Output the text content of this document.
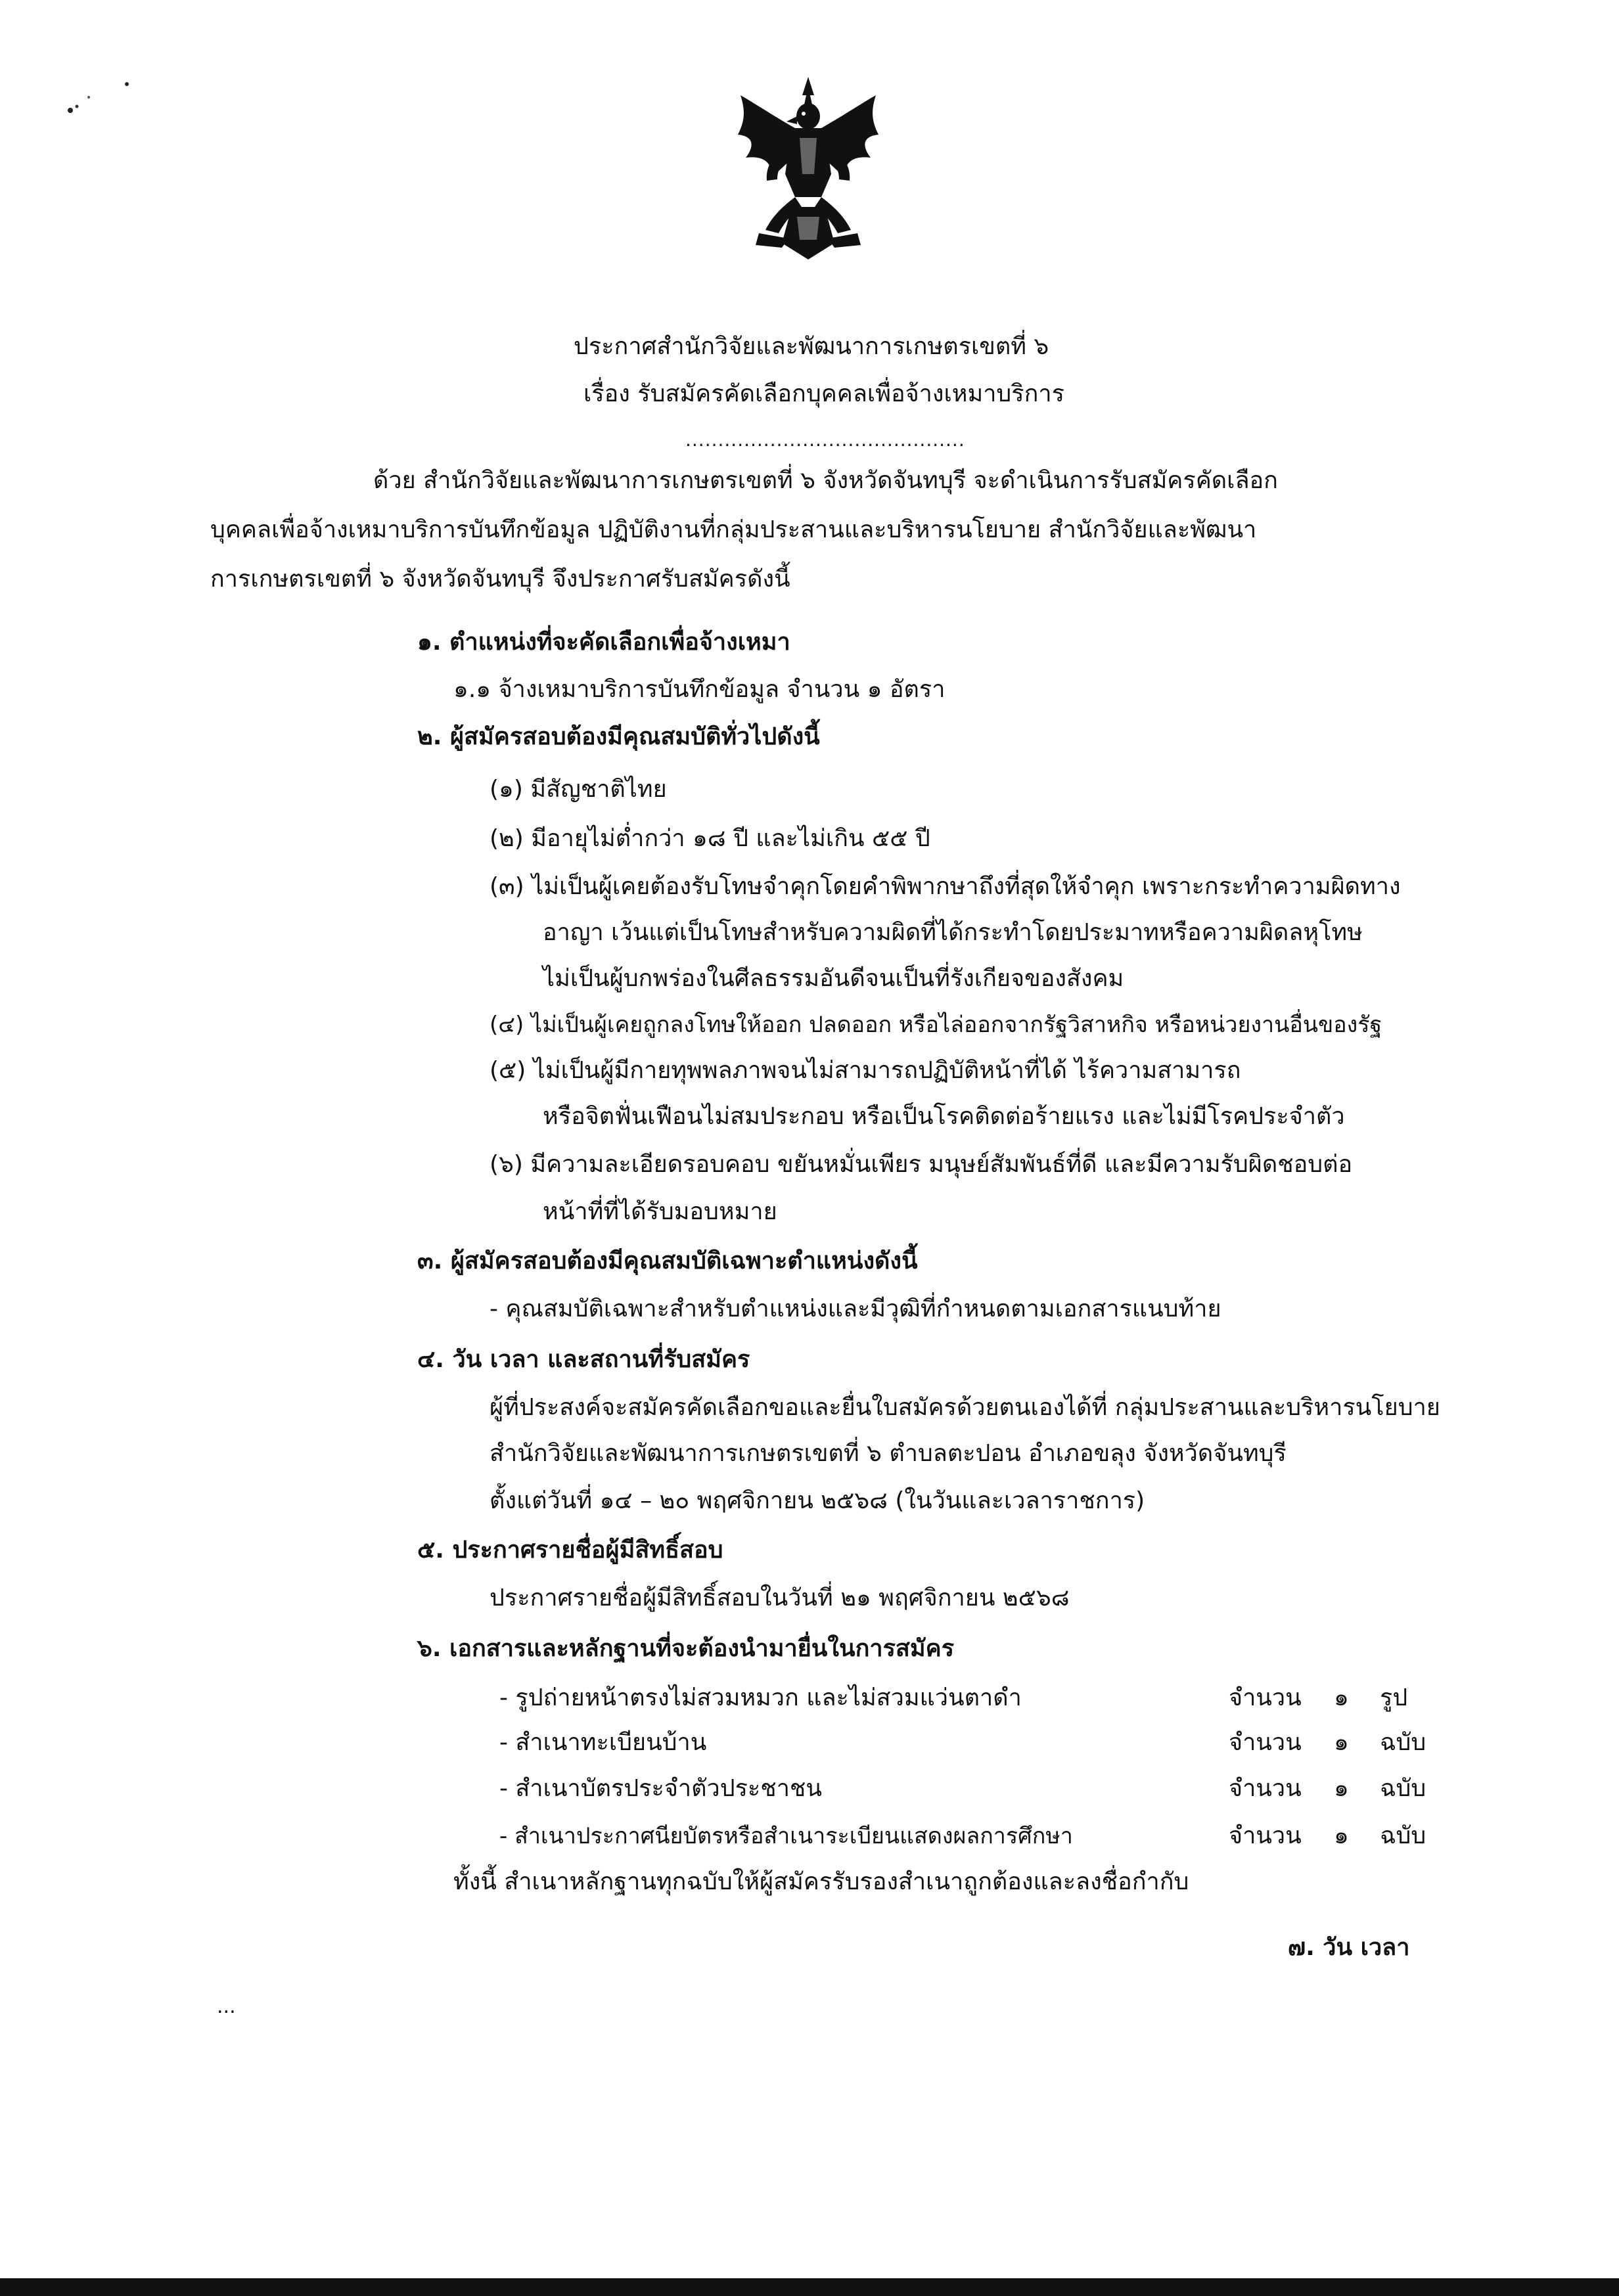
ประกาศสำนักวิจัยและพัฒนาการเกษตรเขตที่ ๖
เรื่อง รับสมัครคัดเลือกบุคคลเพื่อจ้างเหมาบริการ
...........................................
ด้วย สำนักวิจัยและพัฒนาการเกษตรเขตที่ ๖ จังหวัดจันทบุรี จะดำเนินการรับสมัครคัดเลือก
บุคคลเพื่อจ้างเหมาบริการบันทึกข้อมูล ปฏิบัติงานที่กลุ่มประสานและบริหารนโยบาย สำนักวิจัยและพัฒนา
การเกษตรเขตที่ ๖ จังหวัดจันทบุรี จึงประกาศรับสมัครดังนี้
๑. ตำแหน่งที่จะคัดเลือกเพื่อจ้างเหมา
๑.๑ จ้างเหมาบริการบันทึกข้อมูล จำนวน ๑ อัตรา
๒. ผู้สมัครสอบต้องมีคุณสมบัติทั่วไปดังนี้
(๑) มีสัญชาติไทย
(๒) มีอายุไม่ต่ำกว่า ๑๘ ปี และไม่เกิน ๕๕ ปี
(๓) ไม่เป็นผู้เคยต้องรับโทษจำคุกโดยคำพิพากษาถึงที่สุดให้จำคุก เพราะกระทำความผิดทาง
อาญา เว้นแต่เป็นโทษสำหรับความผิดที่ได้กระทำโดยประมาทหรือความผิดลหุโทษ
ไม่เป็นผู้บกพร่องในศีลธรรมอันดีจนเป็นที่รังเกียจของสังคม
(๔) ไม่เป็นผู้เคยถูกลงโทษให้ออก ปลดออก หรือไล่ออกจากรัฐวิสาหกิจ หรือหน่วยงานอื่นของรัฐ
(๕) ไม่เป็นผู้มีกายทุพพลภาพจนไม่สามารถปฏิบัติหน้าที่ได้ ไร้ความสามารถ
หรือจิตฟั่นเฟือนไม่สมประกอบ หรือเป็นโรคติดต่อร้ายแรง และไม่มีโรคประจำตัว
(๖) มีความละเอียดรอบคอบ ขยันหมั่นเพียร มนุษย์สัมพันธ์ที่ดี และมีความรับผิดชอบต่อ
หน้าที่ที่ได้รับมอบหมาย
๓. ผู้สมัครสอบต้องมีคุณสมบัติเฉพาะตำแหน่งดังนี้
- คุณสมบัติเฉพาะสำหรับตำแหน่งและมีวุฒิที่กำหนดตามเอกสารแนบท้าย
๔. วัน เวลา และสถานที่รับสมัคร
ผู้ที่ประสงค์จะสมัครคัดเลือกขอและยื่นใบสมัครด้วยตนเองได้ที่ กลุ่มประสานและบริหารนโยบาย
สำนักวิจัยและพัฒนาการเกษตรเขตที่ ๖ ตำบลตะปอน อำเภอขลุง จังหวัดจันทบุรี
ตั้งแต่วันที่ ๑๔ – ๒๐ พฤศจิกายน ๒๕๖๘ (ในวันและเวลาราชการ)
๕. ประกาศรายชื่อผู้มีสิทธิ์สอบ
ประกาศรายชื่อผู้มีสิทธิ์สอบในวันที่ ๒๑ พฤศจิกายน ๒๕๖๘
๖. เอกสารและหลักฐานที่จะต้องนำมายื่นในการสมัคร
- รูปถ่ายหน้าตรงไม่สวมหมวก และไม่สวมแว่นตาดำ	จำนวน ๑ รูป
- สำเนาทะเบียนบ้าน	จำนวน ๑ ฉบับ
- สำเนาบัตรประจำตัวประชาชน	จำนวน ๑ ฉบับ
- สำเนาประกาศนียบัตรหรือสำเนาระเบียนแสดงผลการศึกษา	จำนวน ๑ ฉบับ
ทั้งนี้ สำเนาหลักฐานทุกฉบับให้ผู้สมัครรับรองสำเนาถูกต้องและลงชื่อกำกับ
๗. วัน เวลา
...
